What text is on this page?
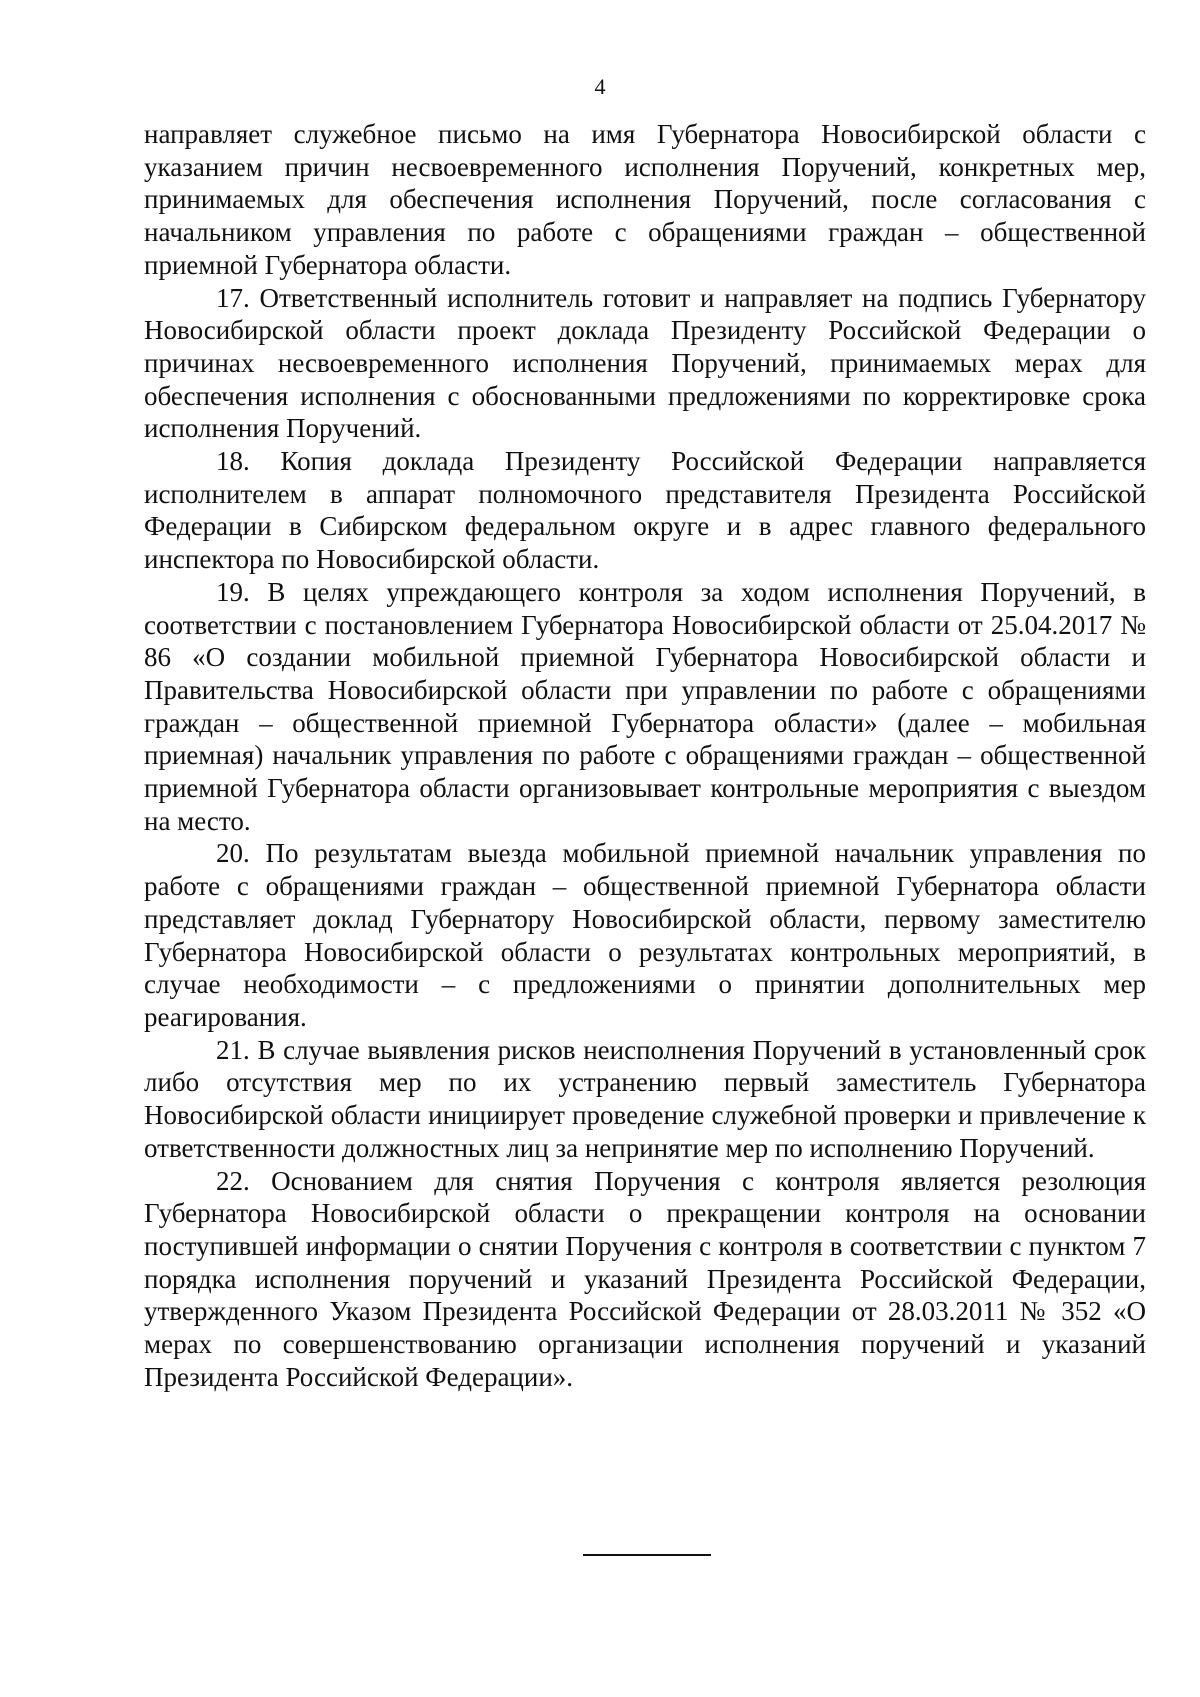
4

направляет служебное письмо на имя Губернатора Новосибирской области с указанием причин несвоевременного исполнения Поручений, конкретных мер, принимаемых для обеспечения исполнения Поручений, после согласования с начальником управления по работе с обращениями граждан – общественной приемной Губернатора области.

17. Ответственный исполнитель готовит и направляет на подпись Губернатору Новосибирской области проект доклада Президенту Российской Федерации о причинах несвоевременного исполнения Поручений, принимаемых мерах для обеспечения исполнения с обоснованными предложениями по корректировке срока исполнения Поручений.

18. Копия доклада Президенту Российской Федерации направляется исполнителем в аппарат полномочного представителя Президента Российской Федерации в Сибирском федеральном округе и в адрес главного федерального инспектора по Новосибирской области.

19. В целях упреждающего контроля за ходом исполнения Поручений, в соответствии с постановлением Губернатора Новосибирской области от 25.04.2017 № 86 «О создании мобильной приемной Губернатора Новосибирской области и Правительства Новосибирской области при управлении по работе с обращениями граждан – общественной приемной Губернатора области» (далее – мобильная приемная) начальник управления по работе с обращениями граждан – общественной приемной Губернатора области организовывает контрольные мероприятия с выездом на место.

20. По результатам выезда мобильной приемной начальник управления по работе с обращениями граждан – общественной приемной Губернатора области представляет доклад Губернатору Новосибирской области, первому заместителю Губернатора Новосибирской области о результатах контрольных мероприятий, в случае необходимости – с предложениями о принятии дополнительных мер реагирования.

21. В случае выявления рисков неисполнения Поручений в установленный срок либо отсутствия мер по их устранению первый заместитель Губернатора Новосибирской области инициирует проведение служебной проверки и привлечение к ответственности должностных лиц за непринятие мер по исполнению Поручений.

22. Основанием для снятия Поручения с контроля является резолюция Губернатора Новосибирской области о прекращении контроля на основании поступившей информации о снятии Поручения с контроля в соответствии с пунктом 7 порядка исполнения поручений и указаний Президента Российской Федерации, утвержденного Указом Президента Российской Федерации от 28.03.2011 № 352 «О мерах по совершенствованию организации исполнения поручений и указаний Президента Российской Федерации».
